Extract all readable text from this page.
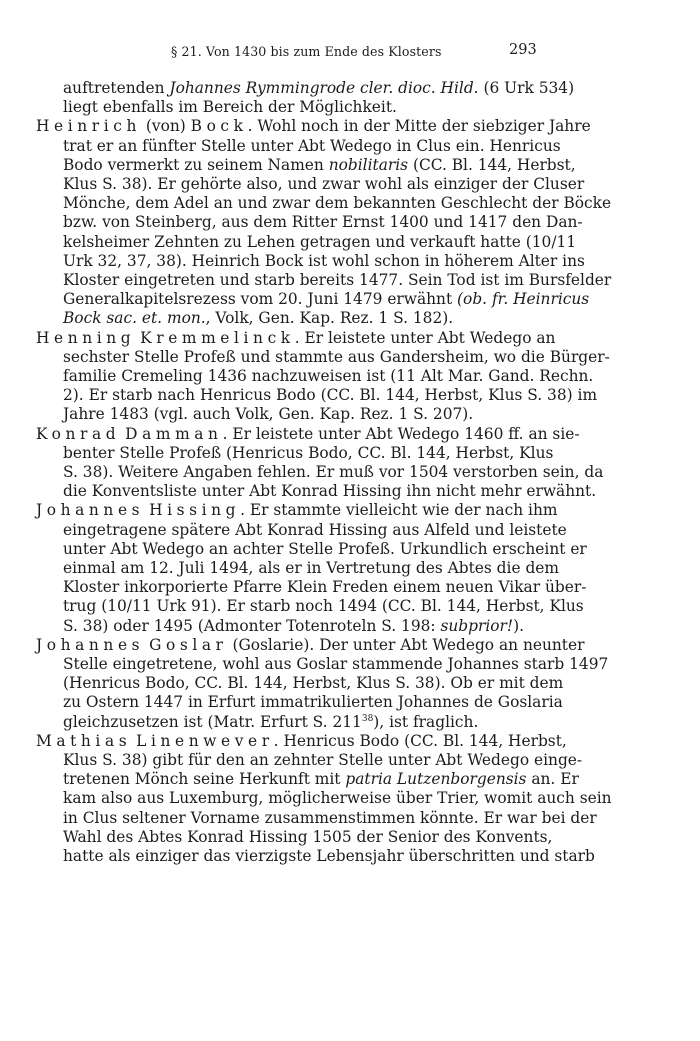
§ 21. Von 1430 bis zum Ende des Klosters	293
auftretenden Johannes Rymmingrode cler. dioc. Hild. (6 Urk 534)
liegt ebenfalls im Bereich der Möglichkeit.
Heinrich (von) Bock. Wohl noch in der Mitte der siebziger Jahre
trat er an fünfter Stelle unter Abt Wedego in Clus ein. Henricus
Bodo vermerkt zu seinem Namen nobilitaris (CC. Bl. 144, Herbst,
Klus S. 38). Er gehörte also, und zwar wohl als einziger der Cluser
Mönche, dem Adel an und zwar dem bekannten Geschlecht der Böcke
bzw. von Steinberg, aus dem Ritter Ernst 1400 und 1417 den Dan-
kelsheimer Zehnten zu Lehen getragen und verkauft hatte (10/11
Urk 32, 37, 38). Heinrich Bock ist wohl schon in höherem Alter ins
Kloster eingetreten und starb bereits 1477. Sein Tod ist im Bursfelder
Generalkapitelsrezess vom 20. Juni 1479 erwähnt (ob. fr. Heinricus
Bock sac. et. mon., Volk, Gen. Kap. Rez. 1 S. 182).
Henning Kremmelinck. Er leistete unter Abt Wedego an
sechster Stelle Profeß und stammte aus Gandersheim, wo die Bürger-
familie Cremeling 1436 nachzuweisen ist (11 Alt Mar. Gand. Rechn.
2). Er starb nach Henricus Bodo (CC. Bl. 144, Herbst, Klus S. 38) im
Jahre 1483 (vgl. auch Volk, Gen. Kap. Rez. 1 S. 207).
Konrad Damman. Er leistete unter Abt Wedego 1460 ff. an sie-
benter Stelle Profeß (Henricus Bodo, CC. Bl. 144, Herbst, Klus
S. 38). Weitere Angaben fehlen. Er muß vor 1504 verstorben sein, da
die Konventsliste unter Abt Konrad Hissing ihn nicht mehr erwähnt.
Johannes Hissing. Er stammte vielleicht wie der nach ihm
eingetragene spätere Abt Konrad Hissing aus Alfeld und leistete
unter Abt Wedego an achter Stelle Profeß. Urkundlich erscheint er
einmal am 12. Juli 1494, als er in Vertretung des Abtes die dem
Kloster inkorporierte Pfarre Klein Freden einem neuen Vikar über-
trug (10/11 Urk 91). Er starb noch 1494 (CC. Bl. 144, Herbst, Klus
S. 38) oder 1495 (Admonter Totenroteln S. 198: subprior!).
Johannes Goslar (Goslarie). Der unter Abt Wedego an neunter
Stelle eingetretene, wohl aus Goslar stammende Johannes starb 1497
(Henricus Bodo, CC. Bl. 144, Herbst, Klus S. 38). Ob er mit dem
zu Ostern 1447 in Erfurt immatrikulierten Johannes de Goslaria
gleichzusetzen ist (Matr. Erfurt S. $211^{38}$), ist fraglich.
Mathias Linenwever. Henricus Bodo (CC. Bl. 144, Herbst,
Klus S. 38) gibt für den an zehnter Stelle unter Abt Wedego einge-
tretenen Mönch seine Herkunft mit patria Lutzenborgensis an. Er
kam also aus Luxemburg, möglicherweise über Trier, womit auch sein
in Clus seltener Vorname zusammenstimmen könnte. Er war bei der
Wahl des Abtes Konrad Hissing 1505 der Senior des Konvents,
hatte als einziger das vierzigste Lebensjahr überschritten und starb
